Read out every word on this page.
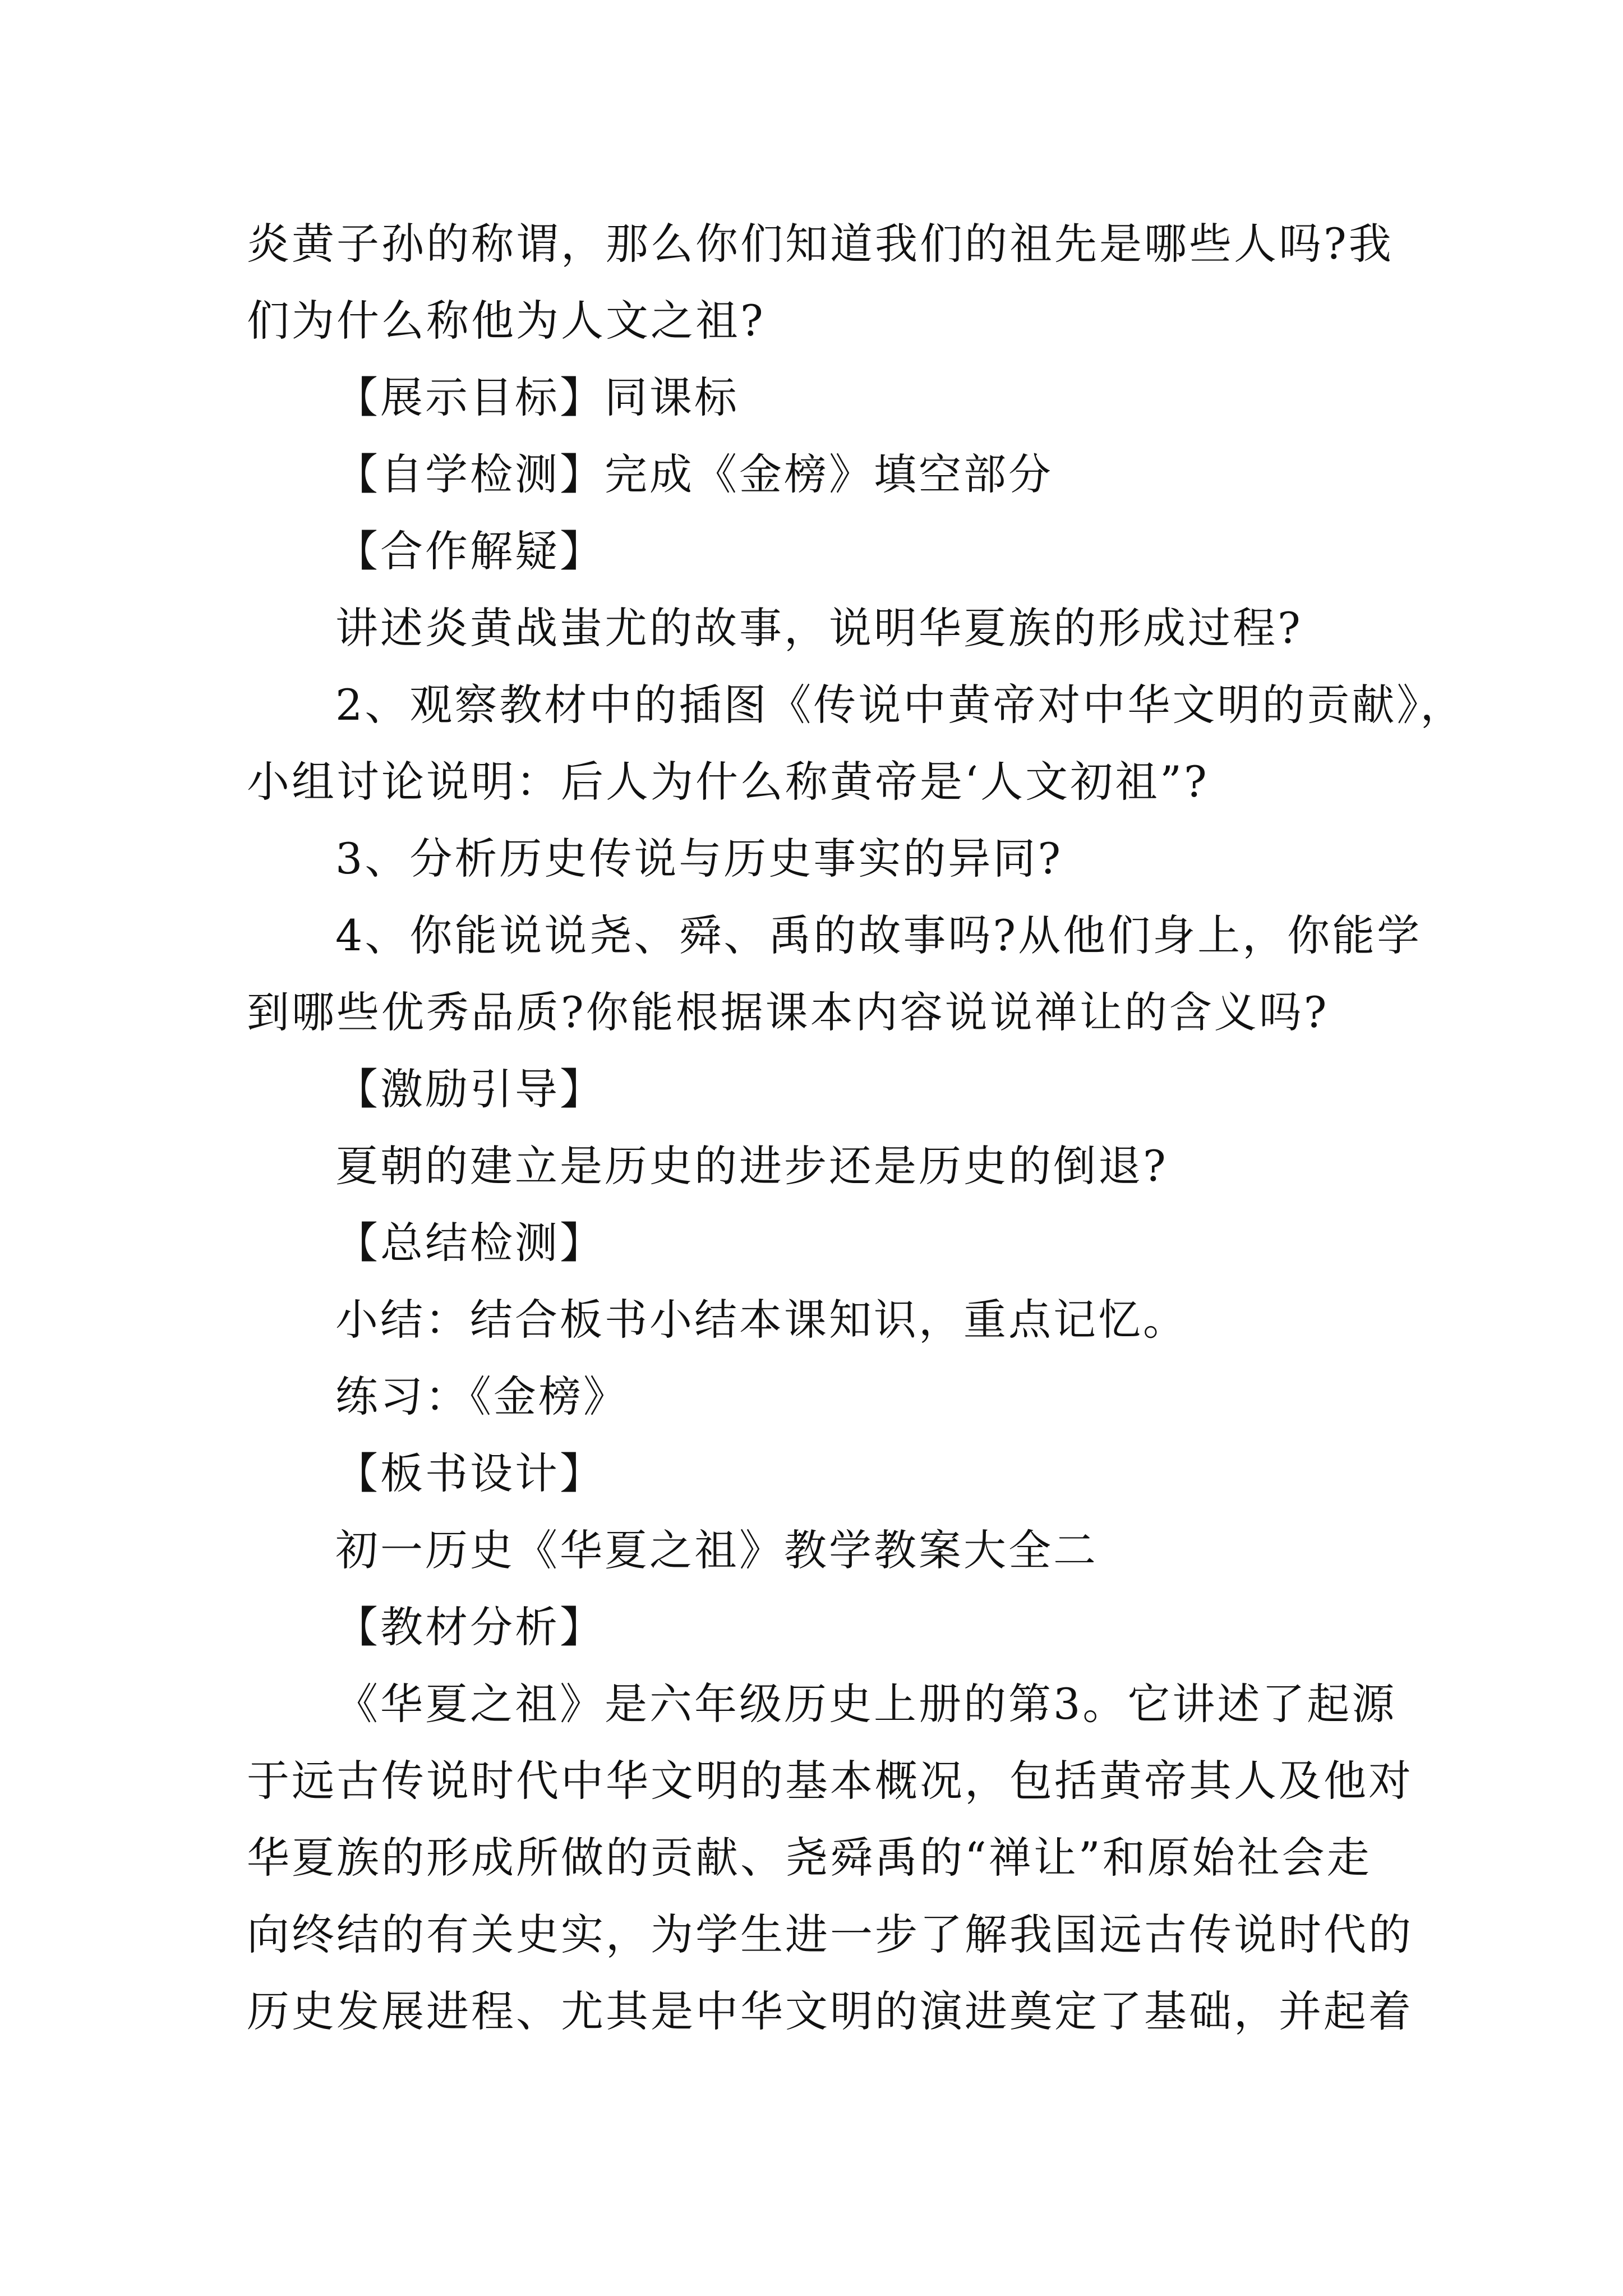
炎黄子孙的称谓，那么你们知道我们的祖先是哪些人吗?我
们为什么称他为人文之祖?
【展示目标】同课标
【自学检测】完成《金榜》填空部分
【合作解疑】
讲述炎黄战蚩尤的故事，说明华夏族的形成过程?
2、观察教材中的插图《传说中黄帝对中华文明的贡献》，
小组讨论说明：后人为什么称黄帝是‘人文初祖”?
3、分析历史传说与历史事实的异同?
4、你能说说尧、舜、禹的故事吗?从他们身上，你能学
到哪些优秀品质?你能根据课本内容说说禅让的含义吗?
【激励引导】
夏朝的建立是历史的进步还是历史的倒退?
【总结检测】
小结：结合板书小结本课知识，重点记忆。
练习：《金榜》
【板书设计】
初一历史《华夏之祖》教学教案大全二
【教材分析】
《华夏之祖》是六年级历史上册的第3。它讲述了起源
于远古传说时代中华文明的基本概况，包括黄帝其人及他对
华夏族的形成所做的贡献、尧舜禹的“禅让”和原始社会走
向终结的有关史实，为学生进一步了解我国远古传说时代的
历史发展进程、尤其是中华文明的演进奠定了基础，并起着
